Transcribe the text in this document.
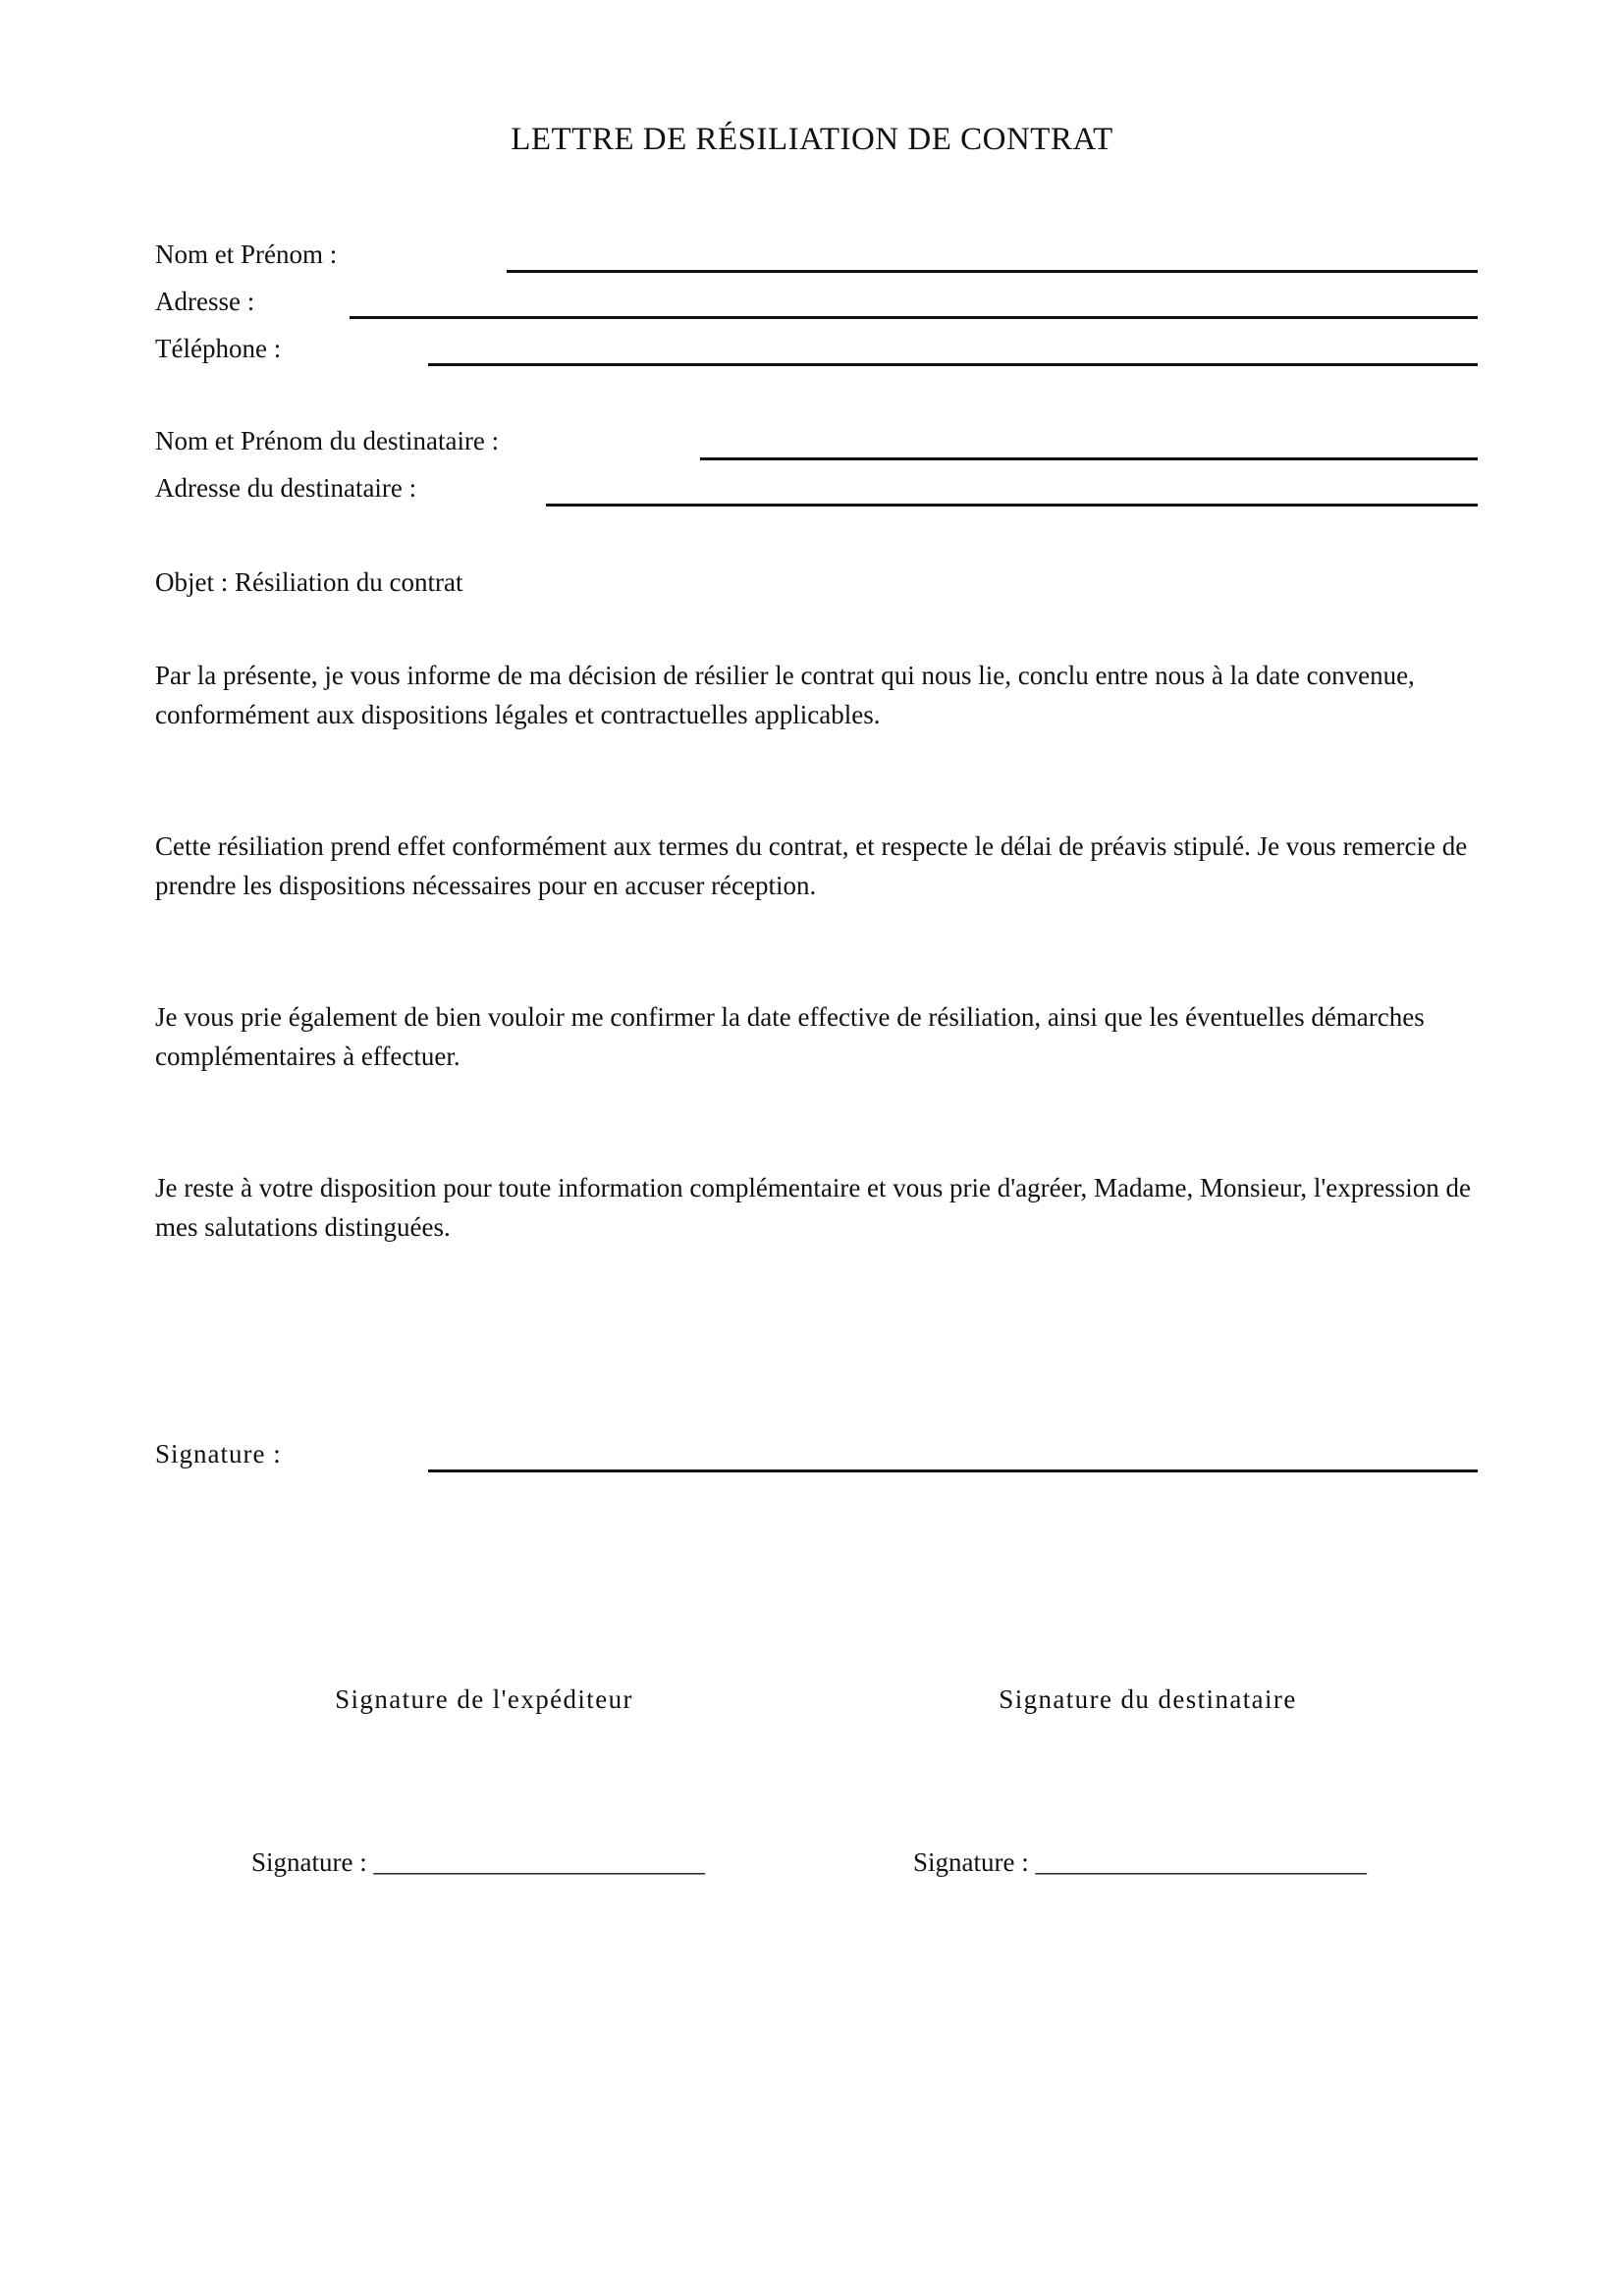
LETTRE DE RÉSILIATION DE CONTRAT
Nom et Prénom :
Adresse :
Téléphone :
Nom et Prénom du destinataire :
Adresse du destinataire :
Objet : Résiliation du contrat
Par la présente, je vous informe de ma décision de résilier le contrat qui nous lie, conclu entre nous à la date convenue, conformément aux dispositions légales et contractuelles applicables.
Cette résiliation prend effet conformément aux termes du contrat, et respecte le délai de préavis stipulé. Je vous remercie de prendre les dispositions nécessaires pour en accuser réception.
Je vous prie également de bien vouloir me confirmer la date effective de résiliation, ainsi que les éventuelles démarches complémentaires à effectuer.
Je reste à votre disposition pour toute information complémentaire et vous prie d'agréer, Madame, Monsieur, l'expression de mes salutations distinguées.
Signature :
Signature de l'expéditeur	Signature du destinataire
Signature : _________________________	Signature : _________________________
